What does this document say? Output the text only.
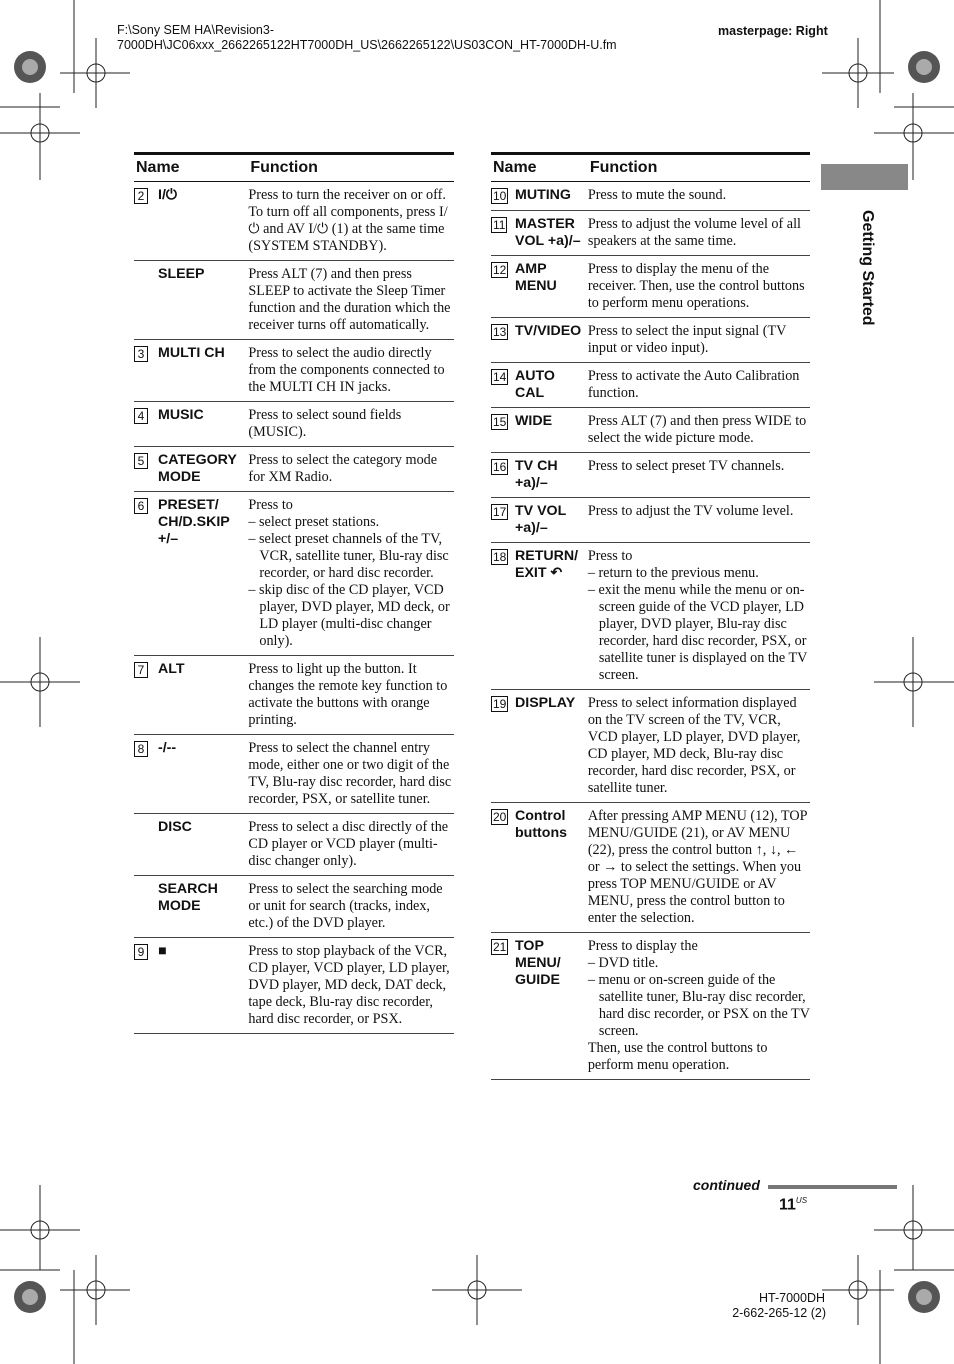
F:\Sony SEM HA\Revision3-
7000DH\JC06xxx_2662265122HT7000DH_US\2662265122\US03CON_HT-7000DH-U.fm
masterpage: Right
Name		Function
2	I/⏻	Press to turn the receiver on or off.
To turn off all components, press I/⏻ and AV I/⏻ (1) at the same time (SYSTEM STANDBY).

	SLEEP	Press ALT (7) and then press SLEEP to activate the Sleep Timer function and the duration which the receiver turns off automatically.

3	MULTI CH	Press to select the audio directly from the components connected to the MULTI CH IN jacks.

4	MUSIC	Press to select sound fields (MUSIC).

5	CATEGORY MODE	Press to select the category mode for XM Radio.

6	PRESET/ CH/D.SKIP +/–	Press to
– select preset stations.
– select preset channels of the TV, VCR, satellite tuner, Blu-ray disc recorder, or hard disc recorder.
– skip disc of the CD player, VCD player, DVD player, MD deck, or LD player (multi-disc changer only).

7	ALT	Press to light up the button. It changes the remote key function to activate the buttons with orange printing.

8	-/--	Press to select the channel entry mode, either one or two digit of the TV, Blu-ray disc recorder, hard disc recorder, PSX, or satellite tuner.

	DISC	Press to select a disc directly of the CD player or VCD player (multi-disc changer only).

	SEARCH MODE	Press to select the searching mode or unit for search (tracks, index, etc.) of the DVD player.

9	■	Press to stop playback of the VCR, CD player, VCD player, LD player, DVD player, MD deck, DAT deck, tape deck, Blu-ray disc recorder, hard disc recorder, or PSX.
Name		Function
10	MUTING	Press to mute the sound.

11	MASTER VOL +a)/–	Press to adjust the volume level of all speakers at the same time.

12	AMP MENU	Press to display the menu of the receiver. Then, use the control buttons to perform menu operations.

13	TV/VIDEO	Press to select the input signal (TV input or video input).

14	AUTO CAL	Press to activate the Auto Calibration function.

15	WIDE	Press ALT (7) and then press WIDE to select the wide picture mode.

16	TV CH +a)/–	Press to select preset TV channels.

17	TV VOL +a)/–	Press to adjust the TV volume level.

18	RETURN/ EXIT ↶	Press to
– return to the previous menu.
– exit the menu while the menu or on-screen guide of the VCD player, LD player, DVD player, Blu-ray disc recorder, hard disc recorder, PSX, or satellite tuner is displayed on the TV screen.

19	DISPLAY	Press to select information displayed on the TV screen of the TV, VCR, VCD player, LD player, DVD player, CD player, MD deck, Blu-ray disc recorder, hard disc recorder, PSX, or satellite tuner.

20	Control buttons	After pressing AMP MENU (12), TOP MENU/GUIDE (21), or AV MENU (22), press the control button ↑, ↓, ← or → to select the settings. When you press TOP MENU/GUIDE or AV MENU, press the control button to enter the selection.

21	TOP MENU/ GUIDE	Press to display the
– DVD title.
– menu or on-screen guide of the satellite tuner, Blu-ray disc recorder, hard disc recorder, or PSX on the TV screen.
Then, use the control buttons to perform menu operation.
Getting Started
continued
$11^{US}$
HT-7000DH
2-662-265-12 (2)
